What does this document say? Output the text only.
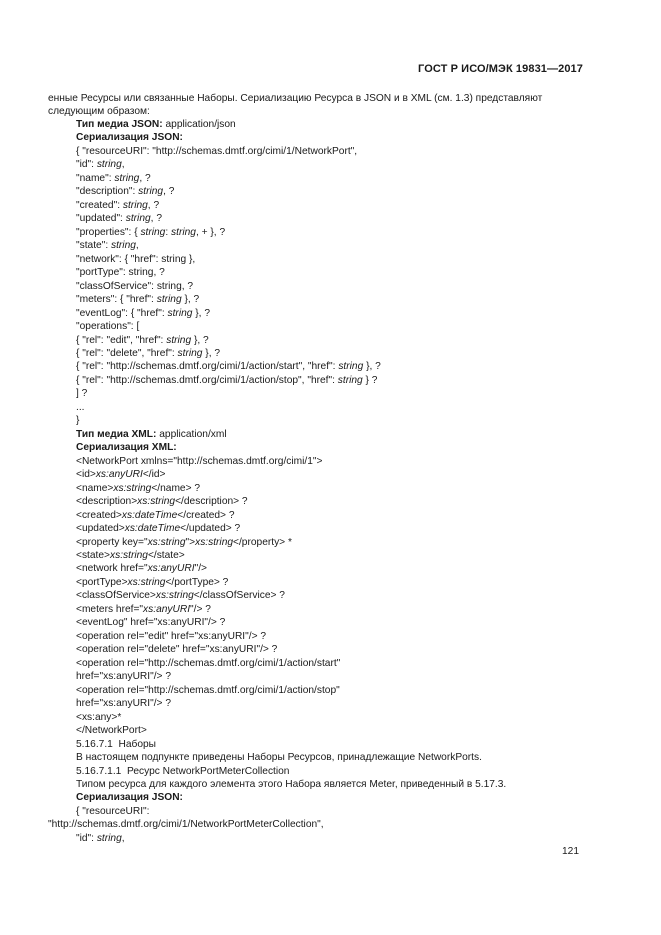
ГОСТ Р ИСО/МЭК 19831—2017
енные Ресурсы или связанные Наборы. Сериализацию Ресурса в JSON и в XML (см. 1.3) представляют следующим образом:
Тип медиа JSON: application/json
Сериализация JSON:
{ "resourceURI": "http://schemas.dmtf.org/cimi/1/NetworkPort",
"id": string,
"name": string, ?
"description": string, ?
"created": string, ?
"updated": string, ?
"properties": { string: string, + }, ?
"state": string,
"network": { "href": string },
"portType": string, ?
"classOfService": string, ?
"meters": { "href": string }, ?
"eventLog": { "href": string }, ?
"operations": [
{ "rel": "edit", "href": string }, ?
{ "rel": "delete", "href": string }, ?
{ "rel": "http://schemas.dmtf.org/cimi/1/action/start", "href": string }, ?
{ "rel": "http://schemas.dmtf.org/cimi/1/action/stop", "href": string } ?
] ?
...
}
Тип медиа XML: application/xml
Сериализация XML:
<NetworkPort xmlns="http://schemas.dmtf.org/cimi/1">
<id>xs:anyURI</id>
<name>xs:string</name> ?
<description>xs:string</description> ?
<created>xs:dateTime</created> ?
<updated>xs:dateTime</updated> ?
<property key="xs:string">xs:string</property> *
<state>xs:string</state>
<network href="xs:anyURI"/>
<portType>xs:string</portType> ?
<classOfService>xs:string</classOfService> ?
<meters href="xs:anyURI"/> ?
<eventLog" href="xs:anyURI"/> ?
<operation rel="edit" href="xs:anyURI"/> ?
<operation rel="delete" href="xs:anyURI"/> ?
<operation rel="http://schemas.dmtf.org/cimi/1/action/start"
href="xs:anyURI"/> ?
<operation rel="http://schemas.dmtf.org/cimi/1/action/stop"
href="xs:anyURI"/> ?
<xs:any>*
</NetworkPort>
5.16.7.1  Наборы
В настоящем подпункте приведены Наборы Ресурсов, принадлежащие NetworkPorts.
5.16.7.1.1  Ресурс NetworkPortMeterCollection
Типом ресурса для каждого элемента этого Набора является Meter, приведенный в 5.17.3.
Сериализация JSON:
{ "resourceURI":
"http://schemas.dmtf.org/cimi/1/NetworkPortMeterCollection",
"id": string,
121
